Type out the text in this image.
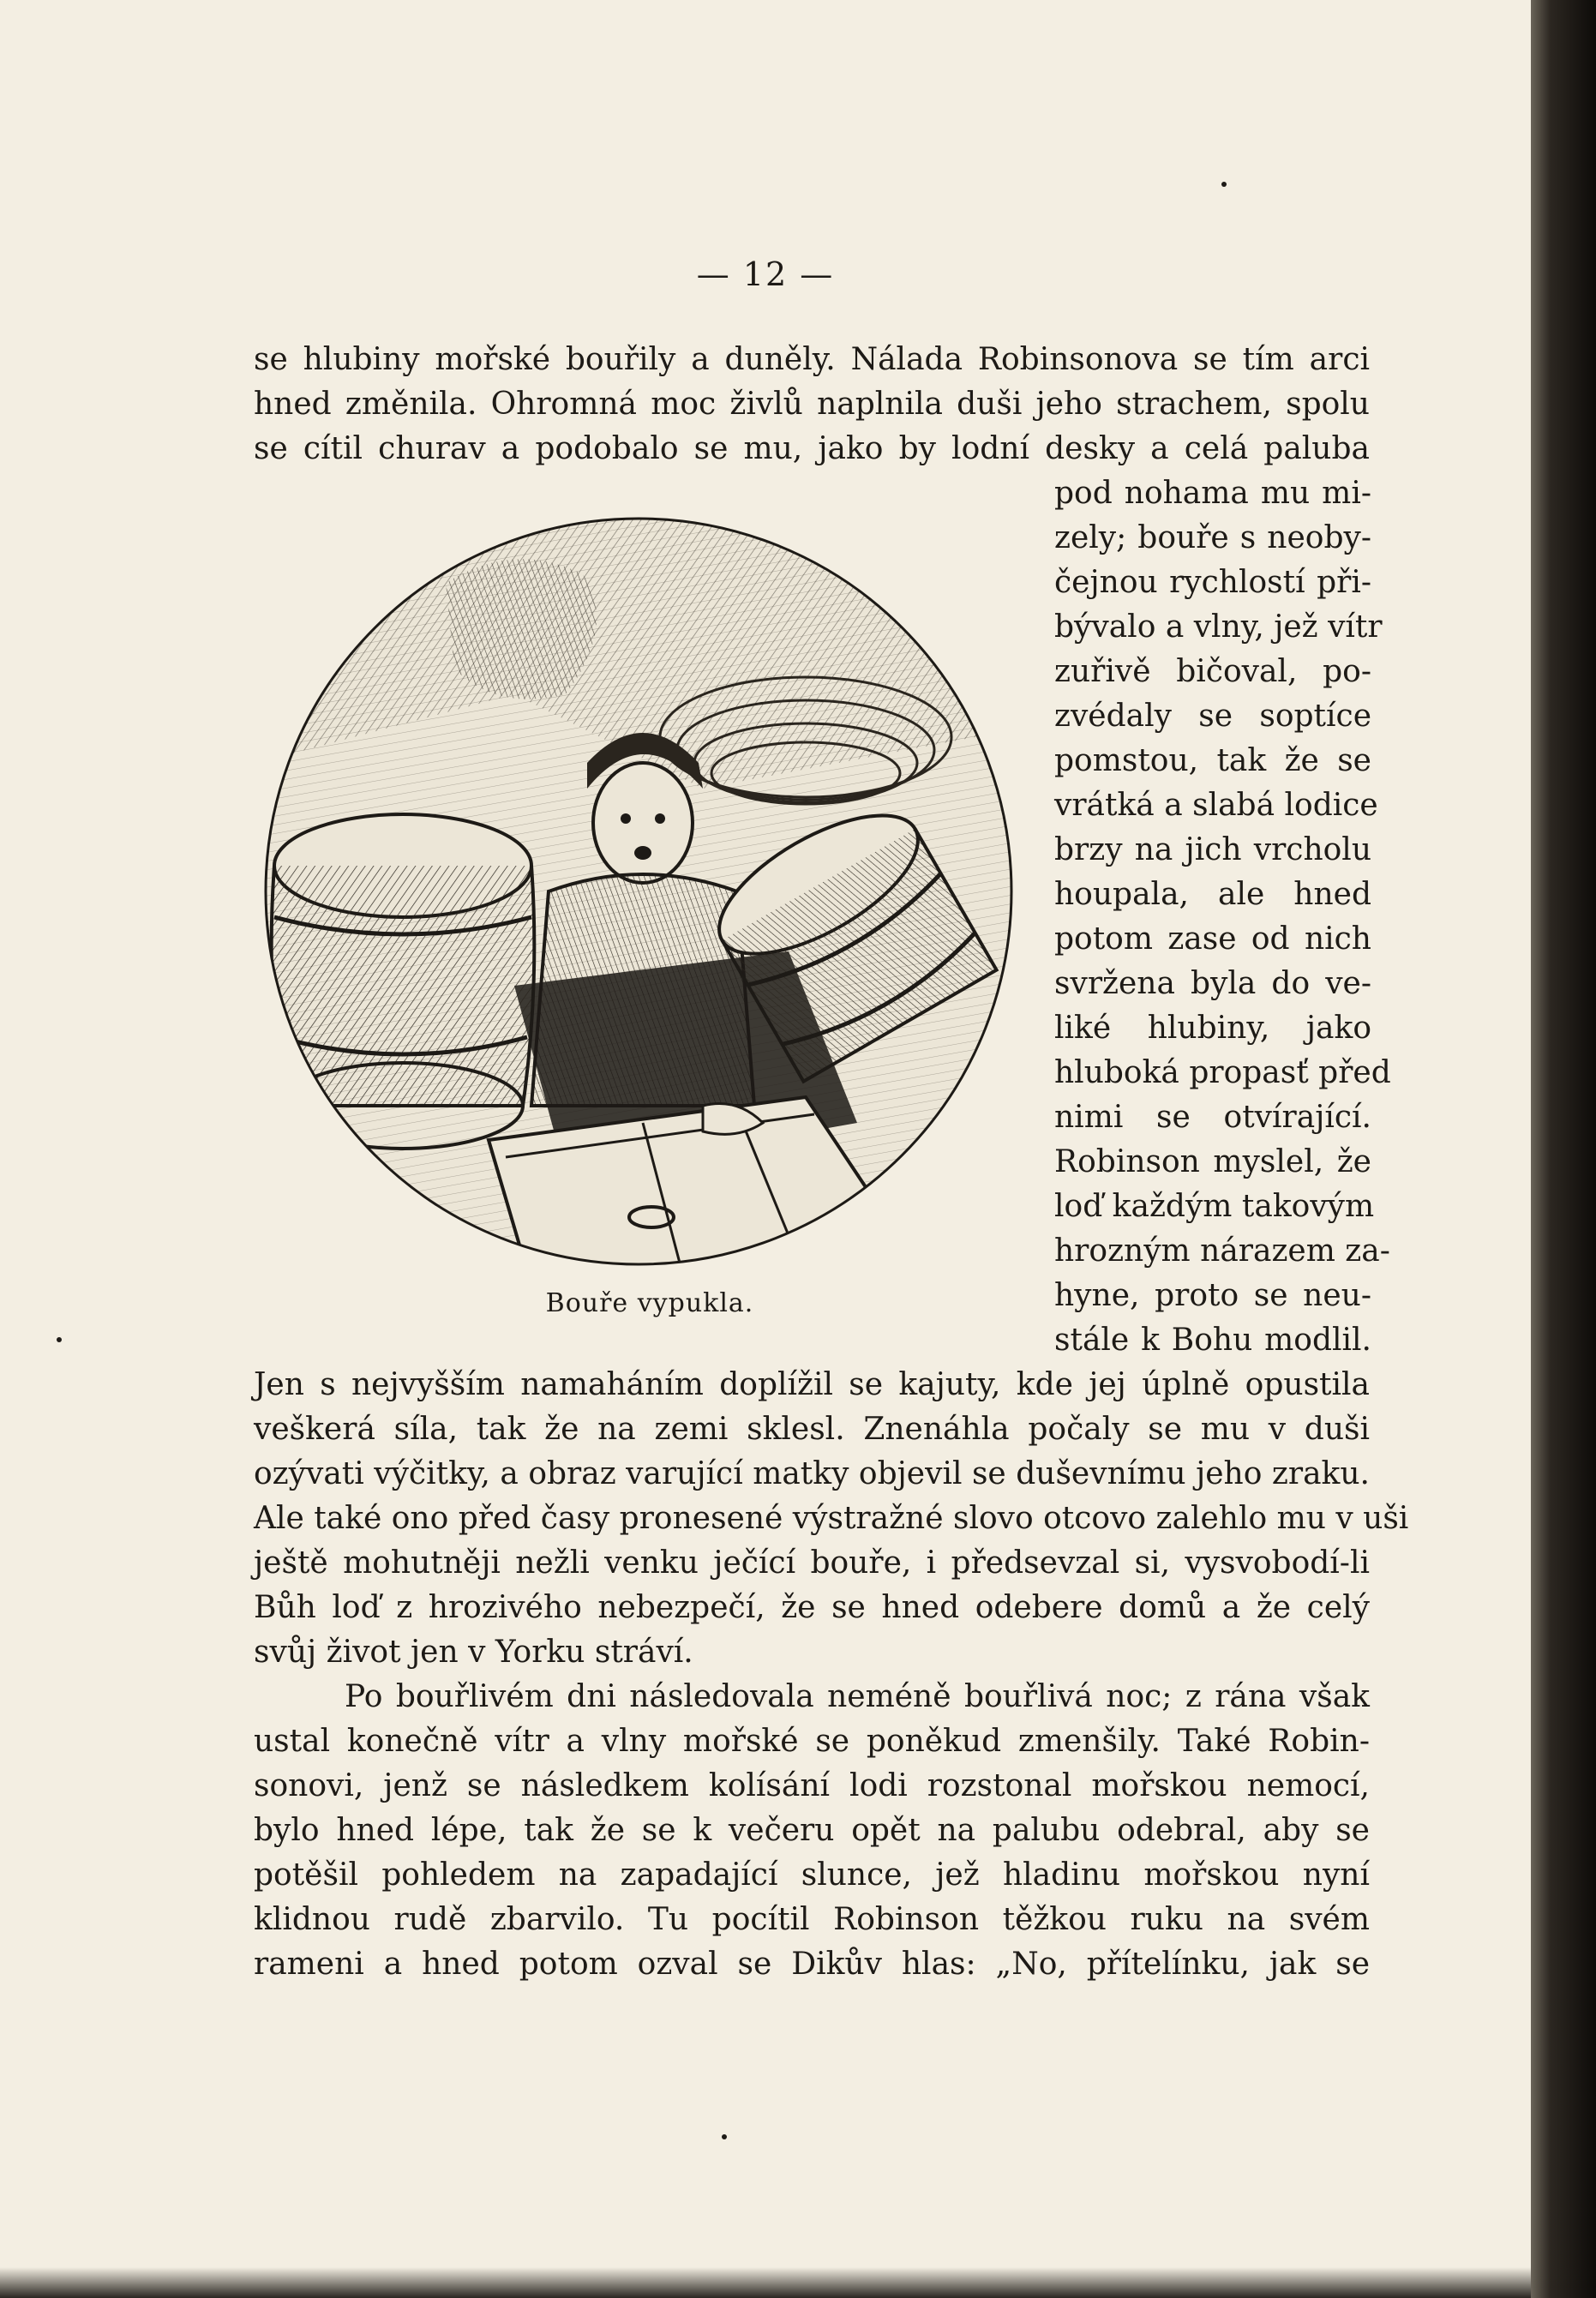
— 12 —
se hlubiny mořské bouřily a duněly. Nálada Robinsonova se tím arci
hned změnila. Ohromná moc živlů naplnila duši jeho strachem, spolu
se cítil churav a podobalo se mu, jako by lodní desky a celá paluba
pod nohama mu mi-
zely; bouře s neoby-
čejnou rychlostí při-
bývalo a vlny, jež vítr
zuřivě bičoval, po-
zvédaly se soptíce
pomstou, tak že se
vrátká a slabá lodice
brzy na jich vrcholu
houpala, ale hned
potom zase od nich
svržena byla do ve-
liké hlubiny, jako
hluboká propasť před
nimi se otvírající.
Robinson myslel, že
loď každým takovým
hrozným nárazem za-
hyne, proto se neu-
stále k Bohu modlil.
Bouře vypukla.
Jen s nejvyšším namaháním doplížil se kajuty, kde jej úplně opustila
veškerá síla, tak že na zemi sklesl. Znenáhla počaly se mu v duši
ozývati výčitky, a obraz varující matky objevil se duševnímu jeho zraku.
Ale také ono před časy pronesené výstražné slovo otcovo zalehlo mu v uši
ještě mohutněji nežli venku ječící bouře, i předsevzal si, vysvobodí-li
Bůh loď z hrozivého nebezpečí, že se hned odebere domů a že celý
svůj život jen v Yorku stráví.
Po bouřlivém dni následovala neméně bouřlivá noc; z rána však
ustal konečně vítr a vlny mořské se poněkud zmenšily. Také Robin-
sonovi, jenž se následkem kolísání lodi rozstonal mořskou nemocí,
bylo hned lépe, tak že se k večeru opět na palubu odebral, aby se
potěšil pohledem na zapadající slunce, jež hladinu mořskou nyní
klidnou rudě zbarvilo. Tu pocítil Robinson těžkou ruku na svém
rameni a hned potom ozval se Dikův hlas: „No, přítelínku, jak se
